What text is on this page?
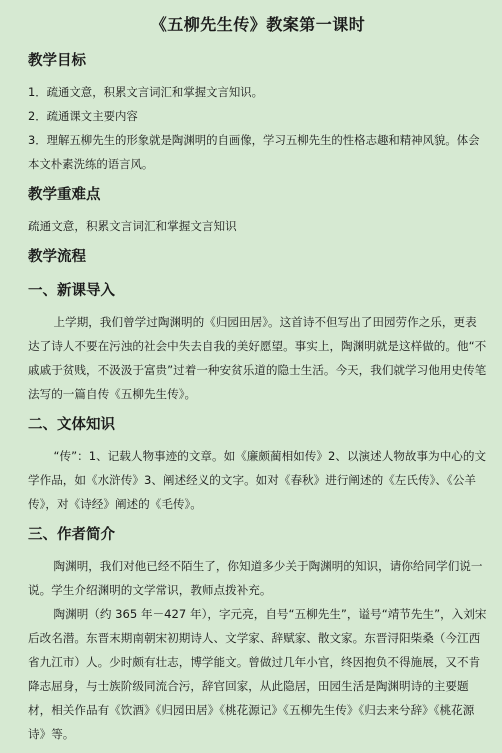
《五柳先生传》教案第一课时
教学目标

1．疏通文意，积累文言词汇和掌握文言知识。

2．疏通课文主要内容

3．理解五柳先生的形象就是陶渊明的自画像，学习五柳先生的性格志趣和精神风貌。体会本文朴素洗练的语言风。

教学重难点

疏通文意，积累文言词汇和掌握文言知识

教学流程
一、新课导入

上学期，我们曾学过陶渊明的《归园田居》。这首诗不但写出了田园劳作之乐，更表达了诗人不要在污浊的社会中失去自我的美好愿望。事实上，陶渊明就是这样做的。他“不戚戚于贫贱，不汲汲于富贵”过着一种安贫乐道的隐士生活。今天，我们就学习他用史传笔法写的一篇自传《五柳先生传》。

二、文体知识

“传”：1、记载人物事迹的文章。如《廉颇蔺相如传》2、以演述人物故事为中心的文学作品，如《水浒传》3、阐述经义的文字。如对《春秋》进行阐述的《左氏传》、《公羊传》，对《诗经》阐述的《毛传》。

三、作者简介

陶渊明，我们对他已经不陌生了，你知道多少关于陶渊明的知识，请你给同学们说一说。学生介绍渊明的文学常识，教师点拨补充。

陶渊明（约 365 年－427 年），字元亮，自号“五柳先生”，谥号“靖节先生”，入刘宋后改名潜。东晋末期南朝宋初期诗人、文学家、辞赋家、散文家。东晋浔阳柴桑（今江西省九江市）人。少时颇有壮志，博学能文。曾做过几年小官，终因抱负不得施展，又不肯降志屈身，与士族阶级同流合污，辞官回家，从此隐居，田园生活是陶渊明诗的主要题材，相关作品有《饮酒》《归园田居》《桃花源记》《五柳先生传》《归去来兮辞》《桃花源诗》等。
